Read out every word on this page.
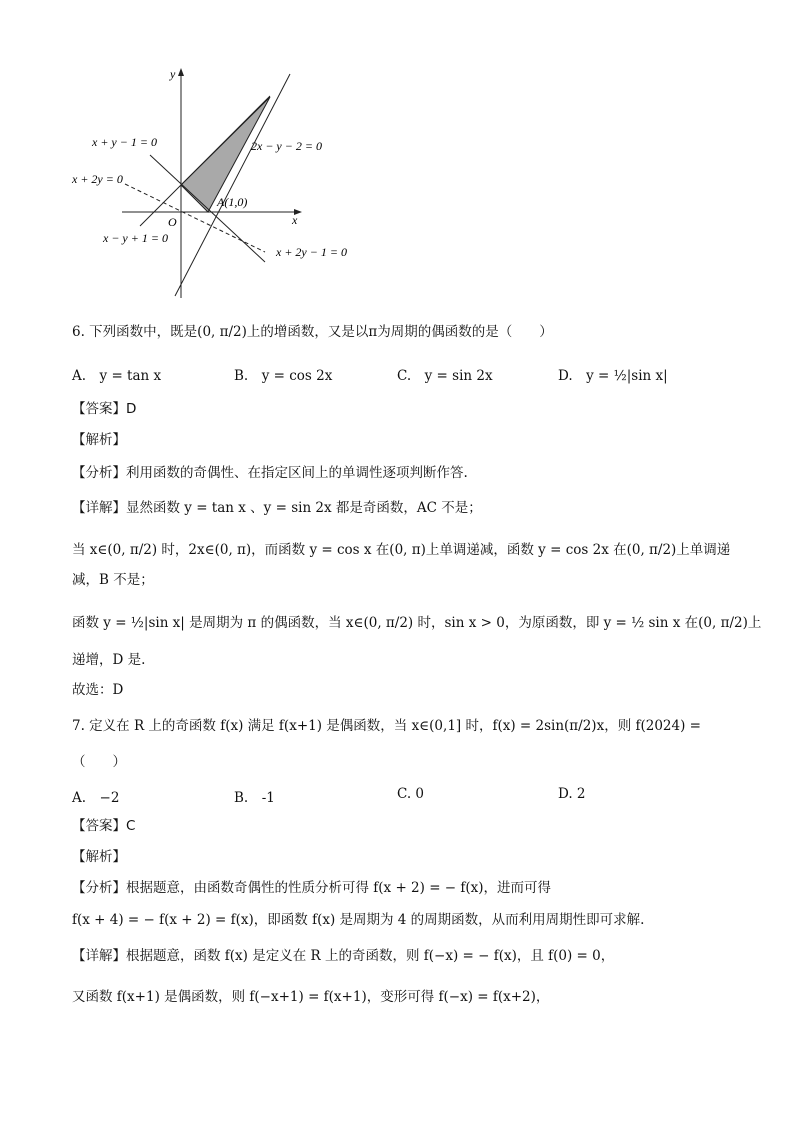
y
x
O
A(1,0)
x + y − 1 = 0	2x − y − 2 = 0
x + 2y = 0
x − y + 1 = 0
x + 2y − 1 = 0
6. 下列函数中，既是(0, π/2)上的增函数，又是以π为周期的偶函数的是（　　）
A.　y = tan x	B.　y = cos 2x	C.　y = sin 2x	D.　y = ½|sin x|
【答案】D
【解析】
【分析】利用函数的奇偶性、在指定区间上的单调性逐项判断作答.
【详解】显然函数 y = tan x 、y = sin 2x 都是奇函数，AC 不是；
当 x∈(0, π/2) 时，2x∈(0, π)，而函数 y = cos x 在(0, π)上单调递减，函数 y = cos 2x 在(0, π/2)上单调递
减，B 不是；
函数 y = ½|sin x| 是周期为 π 的偶函数，当 x∈(0, π/2) 时，sin x > 0，为原函数，即 y = ½ sin x 在(0, π/2)上
递增，D 是.
故选：D
7. 定义在 R 上的奇函数 f(x) 满足 f(x+1) 是偶函数，当 x∈(0,1] 时，f(x) = 2sin(π/2)x，则 f(2024) =
（　　）
A.　−2	B.　-1	C. 0	D. 2
【答案】C
【解析】
【分析】根据题意，由函数奇偶性的性质分析可得 f(x + 2) = − f(x)，进而可得
f(x + 4) = − f(x + 2) = f(x)，即函数 f(x) 是周期为 4 的周期函数，从而利用周期性即可求解.
【详解】根据题意，函数 f(x) 是定义在 R 上的奇函数，则 f(−x) = − f(x)，且 f(0) = 0，
又函数 f(x+1) 是偶函数，则 f(−x+1) = f(x+1)，变形可得 f(−x) = f(x+2)，
